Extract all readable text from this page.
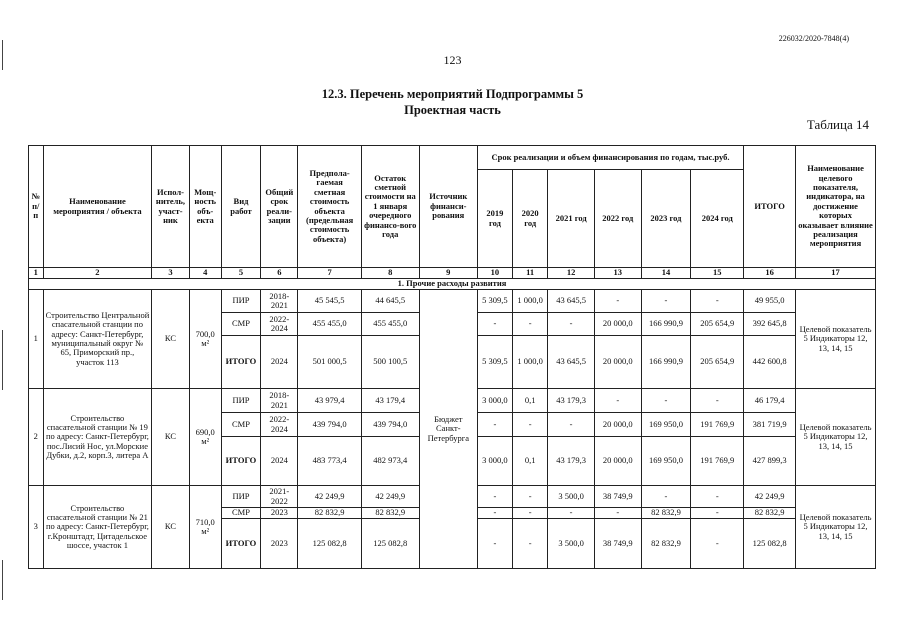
226032/2020-7848(4)
123
12.3. Перечень мероприятий Подпрограммы 5
Проектная часть
Таблица 14
№ п/п	Наименование мероприятия / объекта	Испол-нитель, участ-ник	Мощ-ность объ-екта	Вид работ	Общий срок реали-зации	Предпола-гаемая сметная стоимость объекта (предельная стоимость объекта)	Остаток сметной стоимости на 1 января очередного финансо-вого года	Источник финанси-рования	Срок реализации и объем финансирования по годам, тыс.руб.						ИТОГО	Наименование целевого показателя, индикатора, на достижение которых оказывает влияние реализация мероприятия
									2019 год	2020 год	2021 год	2022 год	2023 год	2024 год		
1	2	3	4	5	6	7	8	9	10	11	12	13	14	15	16	17
1. Прочие расходы развития																
1	Строительство Центральной спасательной станции по адресу: Санкт-Петербург, муниципальный округ № 65, Приморский пр., участок 113	КС	700,0 м²	ПИР	2018-2021	45 545,5	44 645,5	Бюджет Санкт-Петербурга	5 309,5	1 000,0	43 645,5	-	-	-	49 955,0	Целевой показатель 5 Индикаторы 12, 13, 14, 15
				СМР	2022-2024	455 455,0	455 455,0		-	-	-	20 000,0	166 990,9	205 654,9	392 645,8	
				ИТОГО	2024	501 000,5	500 100,5		5 309,5	1 000,0	43 645,5	20 000,0	166 990,9	205 654,9	442 600,8	
2	Строительство спасательной станции № 19 по адресу: Санкт-Петербург, пос.Лисий Нос, ул.Морские Дубки, д.2, корп.3, литера А	КС	690,0 м²	ПИР	2018-2021	43 979,4	43 179,4		3 000,0	0,1	43 179,3	-	-	-	46 179,4	Целевой показатель 5 Индикаторы 12, 13, 14, 15
				СМР	2022-2024	439 794,0	439 794,0		-	-	-	20 000,0	169 950,0	191 769,9	381 719,9	
				ИТОГО	2024	483 773,4	482 973,4		3 000,0	0,1	43 179,3	20 000,0	169 950,0	191 769,9	427 899,3	
3	Строительство спасательной станции № 21 по адресу: Санкт-Петербург, г.Кронштадт, Цитадельское шоссе, участок 1	КС	710,0 м²	ПИР	2021-2022	42 249,9	42 249,9		-	-	3 500,0	38 749,9	-	-	42 249,9	Целевой показатель 5 Индикаторы 12, 13, 14, 15
				СМР	2023	82 832,9	82 832,9		-	-	-	-	82 832,9	-	82 832,9	
				ИТОГО	2023	125 082,8	125 082,8		-	-	3 500,0	38 749,9	82 832,9	-	125 082,8	
